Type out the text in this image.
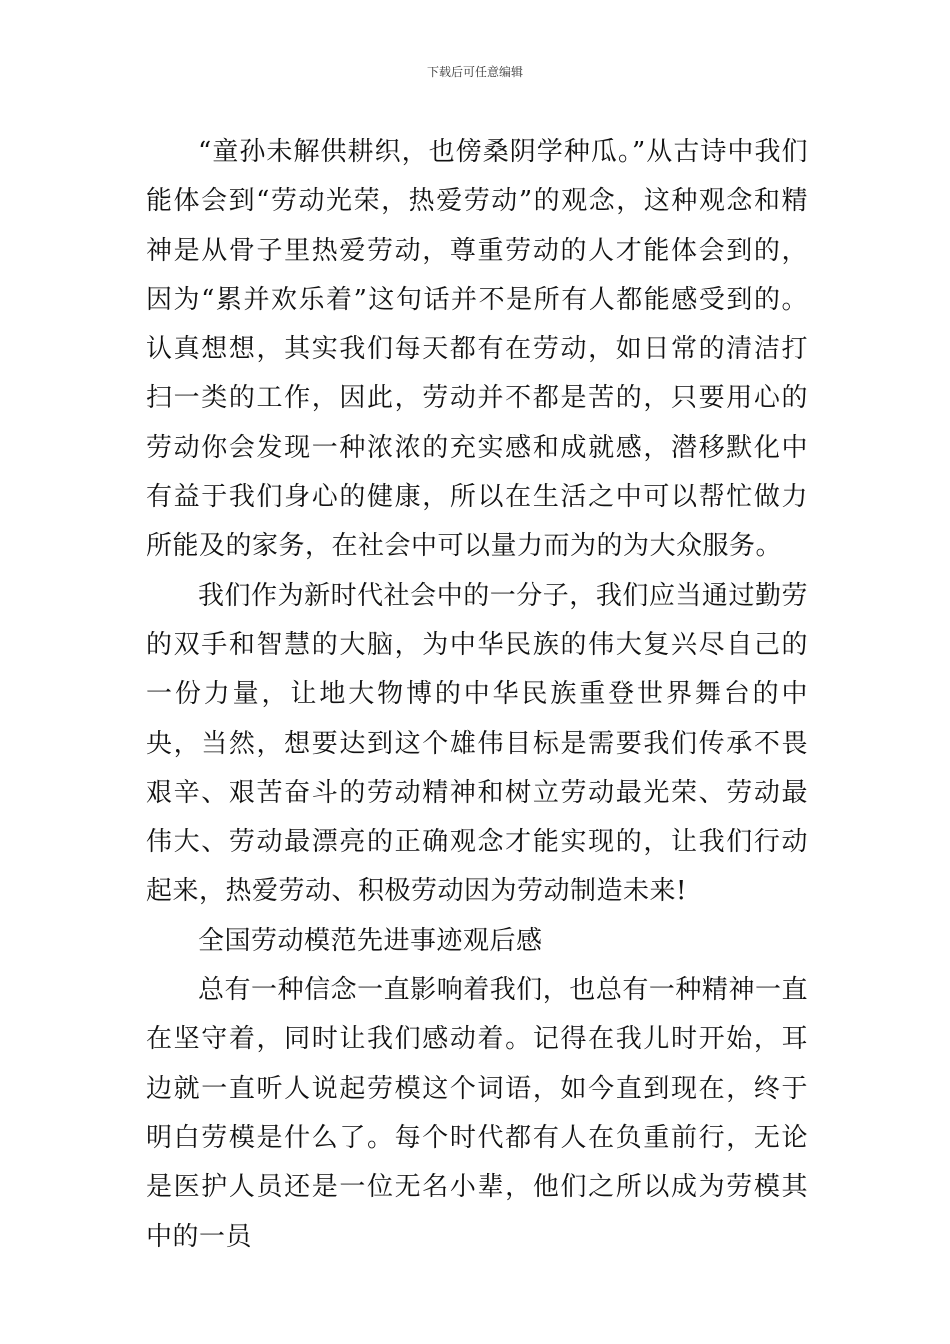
下载后可任意编辑

“童孙未解供耕织，也傍桑阴学种瓜。”从古诗中我们能体会到“劳动光荣，热爱劳动”的观念，这种观念和精神是从骨子里热爱劳动，尊重劳动的人才能体会到的，因为“累并欢乐着”这句话并不是所有人都能感受到的。认真想想，其实我们每天都有在劳动，如日常的清洁打扫一类的工作，因此，劳动并不都是苦的，只要用心的劳动你会发现一种浓浓的充实感和成就感，潜移默化中有益于我们身心的健康，所以在生活之中可以帮忙做力所能及的家务，在社会中可以量力而为的为大众服务。

我们作为新时代社会中的一分子，我们应当通过勤劳的双手和智慧的大脑，为中华民族的伟大复兴尽自己的一份力量，让地大物博的中华民族重登世界舞台的中央，当然，想要达到这个雄伟目标是需要我们传承不畏艰辛、艰苦奋斗的劳动精神和树立劳动最光荣、劳动最伟大、劳动最漂亮的正确观念才能实现的，让我们行动起来，热爱劳动、积极劳动因为劳动制造未来!

全国劳动模范先进事迹观后感

总有一种信念一直影响着我们，也总有一种精神一直在坚守着，同时让我们感动着。记得在我儿时开始，耳边就一直听人说起劳模这个词语，如今直到现在，终于明白劳模是什么了。每个时代都有人在负重前行，无论是医护人员还是一位无名小辈，他们之所以成为劳模其中的一员
